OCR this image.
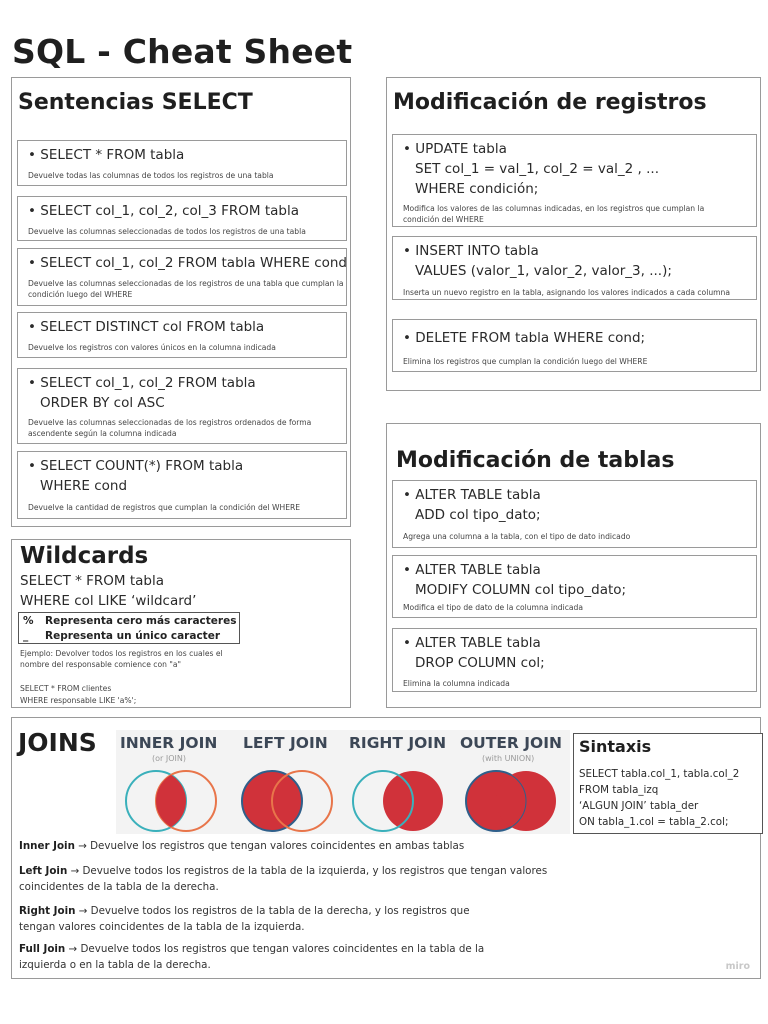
SQL - Cheat Sheet
Sentencias SELECT
• SELECT * FROM tabla
Devuelve todas las columnas de todos los registros de una tabla
• SELECT col_1, col_2, col_3 FROM tabla
Devuelve las columnas seleccionadas de todos los registros de una tabla
• SELECT col_1, col_2 FROM tabla WHERE cond
Devuelve las columnas seleccionadas de los registros de una tabla que cumplan la condición luego del WHERE
• SELECT DISTINCT col FROM tabla
Devuelve los registros con valores únicos en la columna indicada
• SELECT col_1, col_2 FROM tabla
ORDER BY col ASC
Devuelve las columnas seleccionadas de los registros ordenados de forma ascendente según la columna indicada
• SELECT COUNT(*) FROM tabla
WHERE cond
Devuelve la cantidad de registros que cumplan la condición del WHERE
Modificación de registros
• UPDATE tabla
SET col_1 = val_1, col_2 = val_2 , ...
WHERE condición;
Modifica los valores de las columnas indicadas, en los registros que cumplan la condición del WHERE
• INSERT INTO tabla
VALUES (valor_1, valor_2, valor_3, ...);
Inserta un nuevo registro en la tabla, asignando los valores indicados a cada columna
• DELETE FROM tabla WHERE cond;
Elimina los registros que cumplan la condición luego del WHERE
Modificación de tablas
• ALTER TABLE tabla
ADD col tipo_dato;
Agrega una columna a la tabla, con el tipo de dato indicado
• ALTER TABLE tabla
MODIFY COLUMN col tipo_dato;
Modifica el tipo de dato de la columna indicada
• ALTER TABLE tabla
DROP COLUMN col;
Elimina la columna indicada
Wildcards
SELECT * FROM tabla
WHERE col LIKE ‘wildcard’
%	Representa cero más caracteres
_	Representa un único caracter
Ejemplo: Devolver todos los registros en los cuales el
nombre del responsable comience con "a"
SELECT * FROM clientes
WHERE responsable LIKE 'a%';
JOINS INNER JOIN
(or JOIN)
LEFT JOIN RIGHT JOIN OUTER JOIN
(with UNION)
Sintaxis
SELECT tabla.col_1, tabla.col_2
FROM tabla_izq
‘ALGUN JOIN’ tabla_der
ON tabla_1.col = tabla_2.col;
Inner Join → Devuelve los registros que tengan valores coincidentes en ambas tablas
Left Join → Devuelve todos los registros de la tabla de la izquierda, y los registros que tengan valores
coincidentes de la tabla de la derecha.
Right Join → Devuelve todos los registros de la tabla de la derecha, y los registros que
tengan valores coincidentes de la tabla de la izquierda.
Full Join → Devuelve todos los registros que tengan valores coincidentes en la tabla de la
izquierda o en la tabla de la derecha.	miro
